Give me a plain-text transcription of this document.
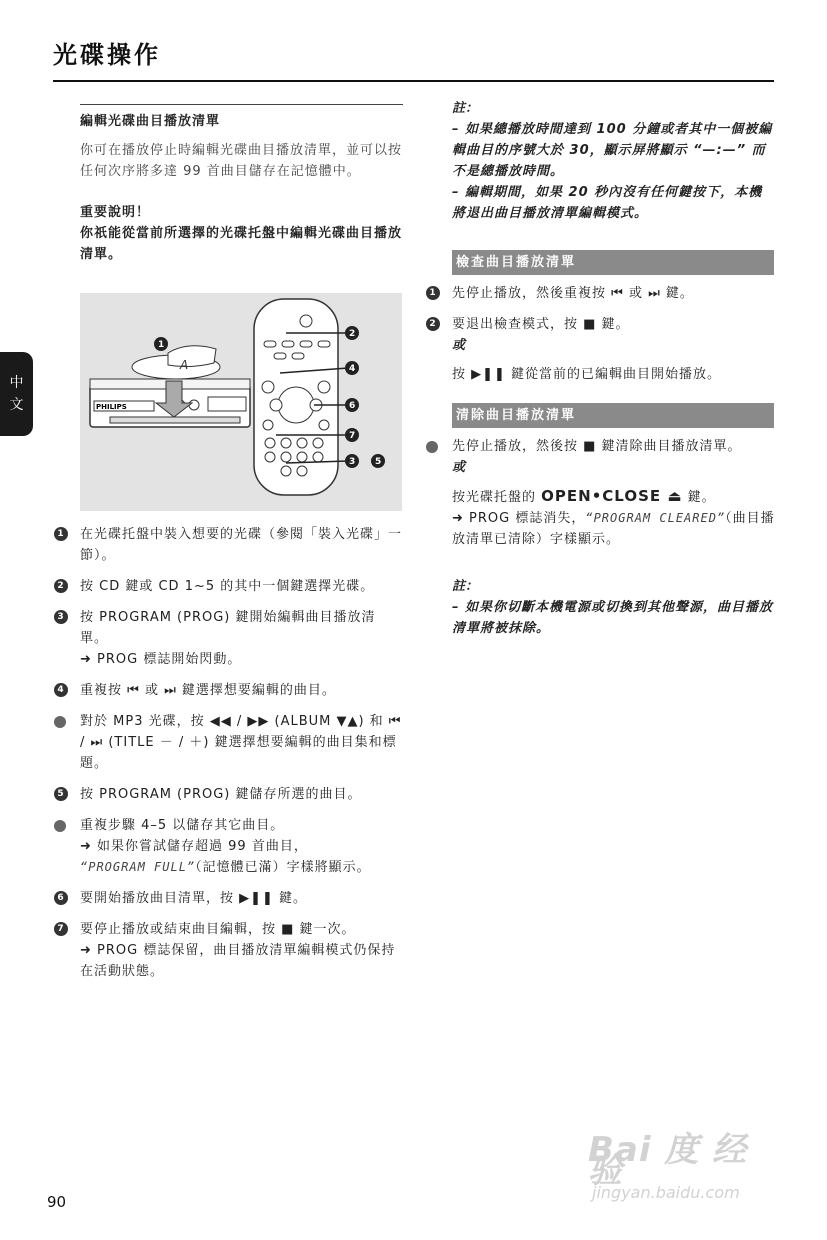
光碟操作
中
文
編輯光碟曲目播放清單

你可在播放停止時編輯光碟曲目播放清單，並可以按任何次序將多達 99 首曲目儲存在記憶體中。

重要說明！
你祇能從當前所選擇的光碟托盤中編輯光碟曲目播放清單。
PHILIPS
A
1
2
4
6
7
3 5
1 在光碟托盤中裝入想要的光碟（參閱「裝入光碟」一節）。
2 按 CD 鍵或 CD 1~5 的其中一個鍵選擇光碟。
3 按 PROGRAM (PROG) 鍵開始編輯曲目播放清單。
➜ PROG 標誌開始閃動。
4 重複按 ⏮ 或 ⏭ 鍵選擇想要編輯的曲目。
對於 MP3 光碟，按 ◀◀ / ▶▶ (ALBUM ▼▲) 和 ⏮ / ⏭ (TITLE － / ＋) 鍵選擇想要編輯的曲目集和標題。
5 按 PROGRAM (PROG) 鍵儲存所選的曲目。
重複步驟 4–5 以儲存其它曲目。
➜ 如果你嘗試儲存超過 99 首曲目，
“PROGRAM FULL”（記憶體已滿）字樣將顯示。
6 要開始播放曲目清單，按 ▶❚❚ 鍵。
7 要停止播放或結束曲目編輯，按 ■ 鍵一次。
➜ PROG 標誌保留，曲目播放清單編輯模式仍保持在活動狀態。
註：
– 如果總播放時間達到 100 分鐘或者其中一個被編輯曲目的序號大於 30，顯示屏將顯示 “—:—” 而不是總播放時間。
– 編輯期間，如果 20 秒內沒有任何鍵按下，本機將退出曲目播放清單編輯模式。
檢查曲目播放清單
1 先停止播放，然後重複按 ⏮ 或 ⏭ 鍵。
2 要退出檢查模式，按 ■ 鍵。
或

按 ▶❚❚ 鍵從當前的已編輯曲目開始播放。

清除曲目播放清單
先停止播放，然後按 ■ 鍵清除曲目播放清單。
或
按光碟托盤的 OPEN•CLOSE ⏏ 鍵。
➜ PROG 標誌消失，“PROGRAM CLEARED”（曲目播放清單已清除）字樣顯示。
註：
– 如果你切斷本機電源或切換到其他聲源，曲目播放清單將被抹除。
Bai 度 经验
jingyan.baidu.com
90
